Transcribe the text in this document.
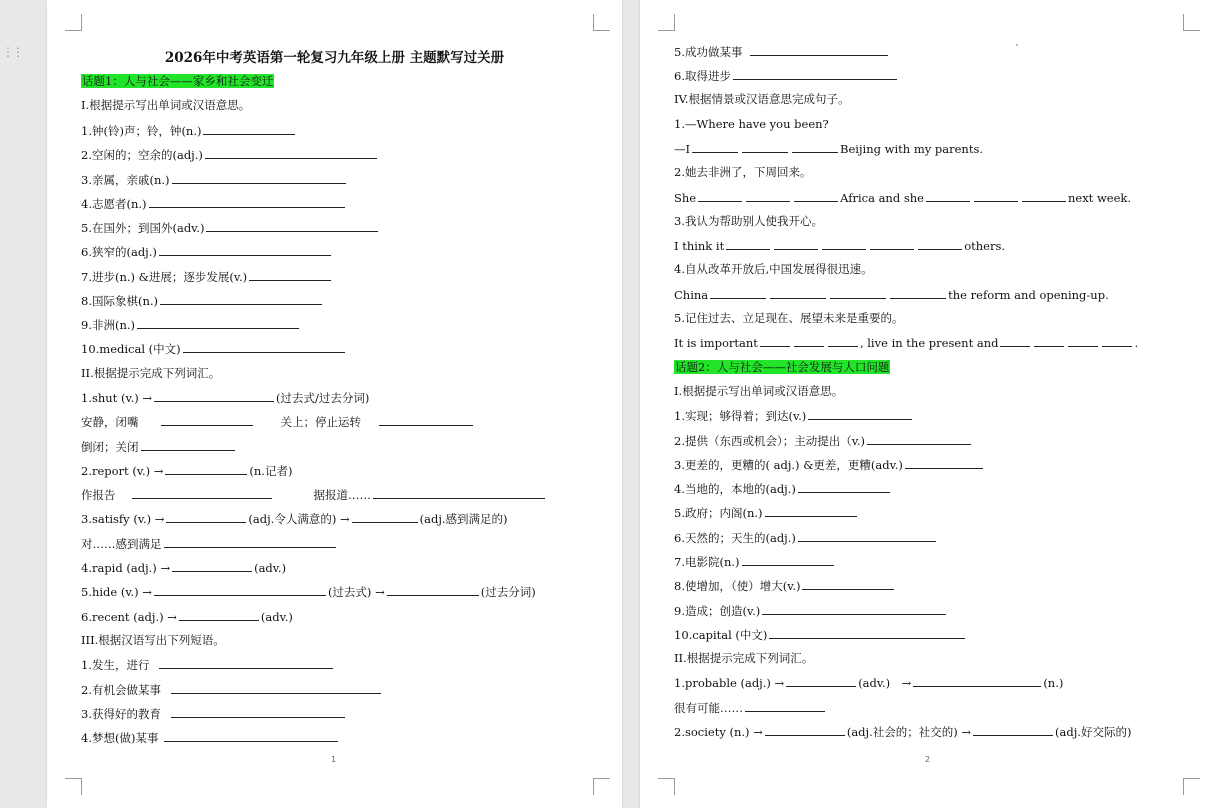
2026年中考英语第一轮复习九年级上册 主题默写过关册
话题1：人与社会——家乡和社会变迁
I.根据提示写出单词或汉语意思。
1.钟(铃)声；铃，钟(n.)
2.空闲的；空余的(adj.)
3.亲属，亲戚(n.)
4.志愿者(n.)
5.在国外；到国外(adv.)
6.狭窄的(adj.)
7.进步(n.) &进展；逐步发展(v.)
8.国际象棋(n.)
9.非洲(n.)
10.medical (中文)
II.根据提示完成下列词汇。
1.shut (v.) →	(过去式/过去分词)
安静，闭嘴	关上；停止运转
倒闭；关闭
2.report (v.) →	(n.记者)
作报告	据报道……
3.satisfy (v.) →	(adj.令人满意的) →	(adj.感到满足的)
对……感到满足
4.rapid (adj.) →	(adv.)
5.hide (v.) →	(过去式) →	(过去分词)
6.recent (adj.) →	(adv.)
III.根据汉语写出下列短语。
1.发生，进行
2.有机会做某事
3.获得好的教育
4.梦想(做)某事
1
⋮⋮	5.成功做某事
6.取得进步
IV.根据情景或汉语意思完成句子。
1.—Where have you been?
—I	Beijing with my parents.
2.她去非洲了，下周回来。
She	Africa and she	next week.
3.我认为帮助别人使我开心。
I think it	others.
4.自从改革开放后,中国发展得很迅速。
China	the reform and opening-up.
It is important	, live in the present and	.
5.记住过去、立足现在、展望未来是重要的。
话题2：人与社会——社会发展与人口问题
I.根据提示写出单词或汉语意思。
1.实现；够得着；到达(v.)
2.提供（东西或机会）；主动提出（v.)
3.更差的，更糟的( adj.) &更差，更糟(adv.)
4.当地的，本地的(adj.)
5.政府；内阁(n.)
6.天然的；天生的(adj.)
7.电影院(n.)
8.使增加，（使）增大(v.)
9.造成；创造(v.)
10.capital (中文)
II.根据提示完成下列词汇。
1.probable (adj.) →	(adv.)　→	(n.)
很有可能……
2.society (n.) →	(adj.社会的；社交的) →	(adj.好交际的)
2
